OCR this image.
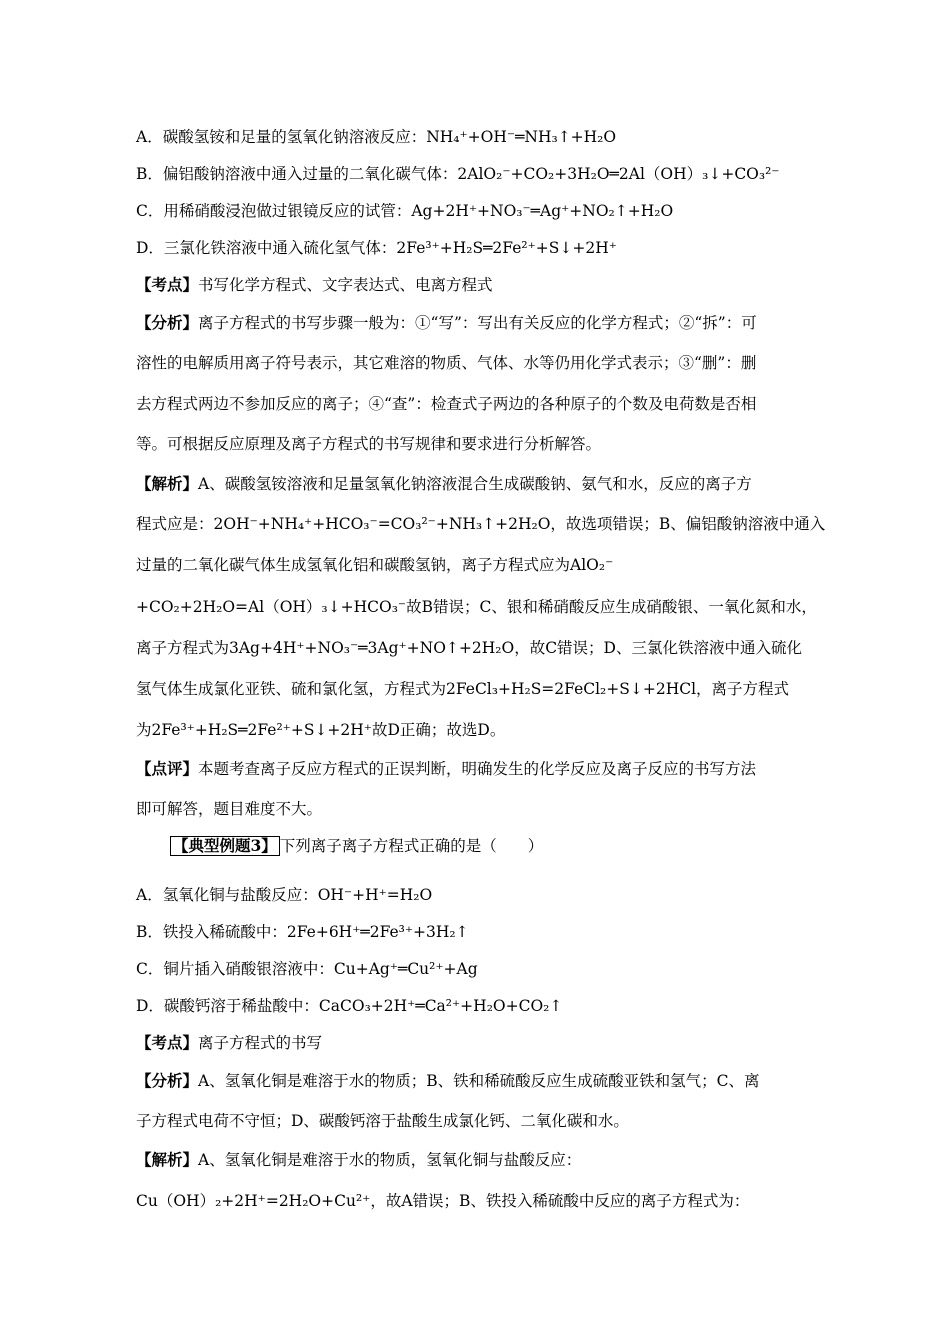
A．碳酸氢铵和足量的氢氧化钠溶液反应：NH₄⁺+OH⁻═NH₃↑+H₂O
B．偏铝酸钠溶液中通入过量的二氧化碳气体：2AlO₂⁻+CO₂+3H₂O═2Al（OH）₃↓+CO₃²⁻
C．用稀硝酸浸泡做过银镜反应的试管：Ag+2H⁺+NO₃⁻═Ag⁺+NO₂↑+H₂O
D．三氯化铁溶液中通入硫化氢气体：2Fe³⁺+H₂S═2Fe²⁺+S↓+2H⁺
【考点】书写化学方程式、文字表达式、电离方程式
【分析】离子方程式的书写步骤一般为：①“写”：写出有关反应的化学方程式；②“拆”：可
溶性的电解质用离子符号表示，其它难溶的物质、气体、水等仍用化学式表示；③“删”：删
去方程式两边不参加反应的离子；④“查”：检查式子两边的各种原子的个数及电荷数是否相
等。可根据反应原理及离子方程式的书写规律和要求进行分析解答。
【解析】A、碳酸氢铵溶液和足量氢氧化钠溶液混合生成碳酸钠、氨气和水，反应的离子方
程式应是：2OH⁻+NH₄⁺+HCO₃⁻=CO₃²⁻+NH₃↑+2H₂O，故选项错误；B、偏铝酸钠溶液中通入
过量的二氧化碳气体生成氢氧化铝和碳酸氢钠，离子方程式应为AlO₂⁻
+CO₂+2H₂O=Al（OH）₃↓+HCO₃⁻故B错误；C、银和稀硝酸反应生成硝酸银、一氧化氮和水，
离子方程式为3Ag+4H⁺+NO₃⁻═3Ag⁺+NO↑+2H₂O，故C错误；D、三氯化铁溶液中通入硫化
氢气体生成氯化亚铁、硫和氯化氢，方程式为2FeCl₃+H₂S=2FeCl₂+S↓+2HCl，离子方程式
为2Fe³⁺+H₂S═2Fe²⁺+S↓+2H⁺故D正确；故选D。
【点评】本题考查离子反应方程式的正误判断，明确发生的化学反应及离子反应的书写方法
即可解答，题目难度不大。
【典型例题3】 下列离子离子方程式正确的是（　　）
A．氢氧化铜与盐酸反应：OH⁻+H⁺=H₂O
B．铁投入稀硫酸中：2Fe+6H⁺═2Fe³⁺+3H₂↑
C．铜片插入硝酸银溶液中：Cu+Ag⁺═Cu²⁺+Ag
D．碳酸钙溶于稀盐酸中：CaCO₃+2H⁺═Ca²⁺+H₂O+CO₂↑
【考点】离子方程式的书写
【分析】A、氢氧化铜是难溶于水的物质；B、铁和稀硫酸反应生成硫酸亚铁和氢气；C、离
子方程式电荷不守恒；D、碳酸钙溶于盐酸生成氯化钙、二氧化碳和水。
【解析】A、氢氧化铜是难溶于水的物质，氢氧化铜与盐酸反应：
Cu（OH）₂+2H⁺=2H₂O+Cu²⁺，故A错误；B、铁投入稀硫酸中反应的离子方程式为：
